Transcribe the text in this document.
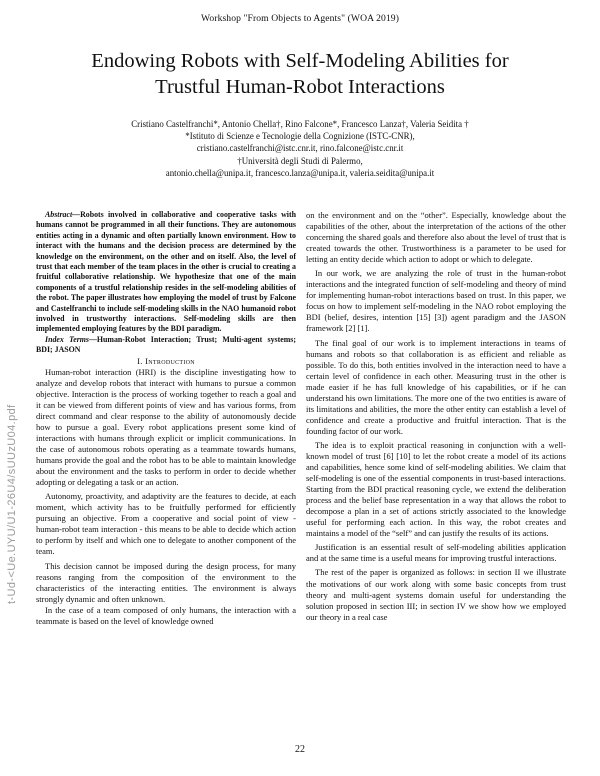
Workshop "From Objects to Agents" (WOA 2019)
Endowing Robots with Self-Modeling Abilities for
Trustful Human-Robot Interactions
Cristiano Castelfranchi*, Antonio Chella†, Rino Falcone*, Francesco Lanza†, Valeria Seidita †
*Istituto di Scienze e Tecnologie della Cognizione (ISTC-CNR),
cristiano.castelfranchi@istc.cnr.it, rino.falcone@istc.cnr.it
†Università degli Studi di Palermo,
antonio.chella@unipa.it, francesco.lanza@unipa.it, valeria.seidita@unipa.it

Abstract—Robots involved in collaborative and cooperative tasks with humans cannot be programmed in all their functions. They are autonomous entities acting in a dynamic and often partially known environment. How to interact with the humans and the decision process are determined by the knowledge on the environment, on the other and on itself. Also, the level of trust that each member of the team places in the other is crucial to creating a fruitful collaborative relationship. We hypothesize that one of the main components of a trustful relationship resides in the self-modeling abilities of the robot. The paper illustrates how employing the model of trust by Falcone and Castelfranchi to include self-modeling skills in the NAO humanoid robot involved in trustworthy interactions. Self-modeling skills are then implemented employing features by the BDI paradigm.

Index Terms—Human-Robot Interaction; Trust; Multi-agent systems; BDI; JASON

I. Introduction

Human-robot interaction (HRI) is the discipline investigating how to analyze and develop robots that interact with humans to pursue a common objective. Interaction is the process of working together to reach a goal and it can be viewed from different points of view and has various forms, from direct command and clear response to the ability of autonomously decide how to pursue a goal. Every robot applications present some kind of interactions with humans through explicit or implicit communications. In the case of autonomous robots operating as a teammate towards humans, humans provide the goal and the robot has to be able to maintain knowledge about the environment and the tasks to perform in order to decide whether adopting or delegating a task or an action.

Autonomy, proactivity, and adaptivity are the features to decide, at each moment, which activity has to be fruitfully performed for efficiently pursuing an objective. From a cooperative and social point of view - human-robot team interaction - this means to be able to decide which action to perform by itself and which one to delegate to another component of the team.

This decision cannot be imposed during the design process, for many reasons ranging from the composition of the environment to the characteristics of the interacting entities. The environment is always strongly dynamic and often unknown.

In the case of a team composed of only humans, the interaction with a teammate is based on the level of knowledge owned

on the environment and on the “other”. Especially, knowledge about the capabilities of the other, about the interpretation of the actions of the other concerning the shared goals and therefore also about the level of trust that is created towards the other. Trustworthiness is a parameter to be used for letting an entity decide which action to adopt or which to delegate.

In our work, we are analyzing the role of trust in the human-robot interactions and the integrated function of self-modeling and theory of mind for implementing human-robot interactions based on trust. In this paper, we focus on how to implement self-modeling in the NAO robot employing the BDI (belief, desires, intention [15] [3]) agent paradigm and the JASON framework [2] [1].

The final goal of our work is to implement interactions in teams of humans and robots so that collaboration is as efficient and reliable as possible. To do this, both entities involved in the interaction need to have a certain level of confidence in each other. Measuring trust in the other is made easier if he has full knowledge of his capabilities, or if he can understand his own limitations. The more one of the two entities is aware of its limitations and abilities, the more the other entity can establish a level of confidence and create a productive and fruitful interaction. That is the founding factor of our work.

The idea is to exploit practical reasoning in conjunction with a well-known model of trust [6] [10] to let the robot create a model of its actions and capabilities, hence some kind of self-modeling abilities. We claim that self-modeling is one of the essential components in trust-based interactions. Starting from the BDI practical reasoning cycle, we extend the deliberation process and the belief base representation in a way that allows the robot to decompose a plan in a set of actions strictly associated to the knowledge useful for performing each action. In this way, the robot creates and maintains a model of the “self” and can justify the results of its actions.

Justification is an essential result of self-modeling abilities application and at the same time is a useful means for improving trustful interactions.

The rest of the paper is organized as follows: in section II we illustrate the motivations of our work along with some basic concepts from trust theory and multi-agent systems domain useful for understanding the solution proposed in section III; in section IV we show how we employed our theory in a real case

22
t-Ud-<Ue.UYU/U1-26U4/sUUzU04.pdf
